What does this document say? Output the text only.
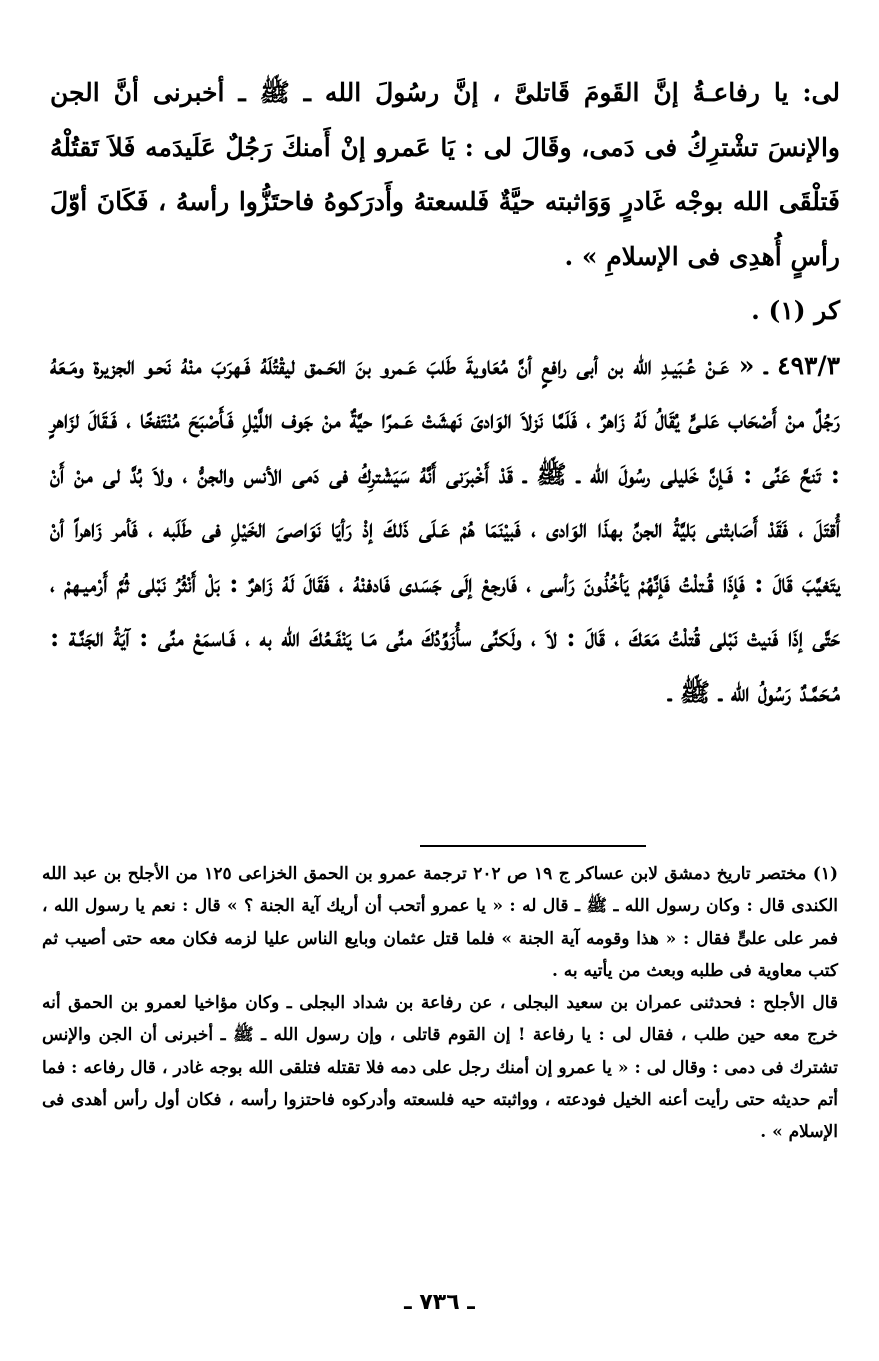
لى: يا رفاعـةُ إنَّ القَومَ قَاتلىَّ ، إنَّ رسُولَ الله ـ ﷺ ـ أخبرنى أنَّ الجن والإنسَ تشْترِكُ فى دَمى، وقَالَ لى : يَا عَمرو إنْ أَمنكَ رَجُلٌ عَلَيدَمه فَلاَ تَقتُلْهُ فَتلْقَى الله بوجْه غَادرٍ وَوَاثبته حيَّةٌ فَلسعتهُ وأَدرَكوهُ فاحتَزُّوا رأسهُ ، فَكَانَ أوّلَ رأسٍ أُهدِى فى الإسلامِ » .

كر (١) .

٤٩٣/٣ ـ « عَـنْ عُـبَيـدِ الله بن أبى رافعٍ أنَّ مُعَاويةَ طَلبَ عَـمرو بنَ الحَـمق ليقْتُلَهُ فَـهرَبَ منْهُ نَحـو الجزيرة ومَـعَهُ رَجُلٌ منْ أَصْحَاب عَلـىٍّ يُقَالُ لَهُ زَاهرٌ ، فَلَمَّا نَزلاَ الوَادىَ نَهشَتْ عَـمرًا حيَّةٌ منْ جَوف اللَّيْلِ فَـأَصْبَحَ مُنْتَفخًا ، فَـقَالَ لزَاهرٍ : تَنحَّ عَنِّى : فَـإنَّ خَليلى رسُولَ الله ـ ﷺ ـ قَدْ أَخْبرَنى أَنَّهُ سَيَشْترِكُ فى دَمى الأنس والجنُّ ، ولاَ بُدَّ لى منْ أَنْ أُقتَلَ ، فَقَدْ أَصَابتْنى بَليَّةُ الجنِّ بهذَا الوَادى ، فَبيْنَمَا هُمْ عَـلَى ذَلكَ إذْ رَأيَا نَوَاصىَ الخَيْلِ فى طَلَبه ، فَأمر زَاهراً أنْ يتَغيَّبَ قَالَ : فَإذَا قُـتلْتُ فَإنَّهُمْ يَأخُذُونَ رَأسى ، فَارجعْ إلَى جَسَدى فَادفنْهُ ، فَقَالَ لَهُ زَاهرٌ : بَلْ أَنْثُرُ نَبْلى ثُمَّ أَرْميـهمْ ، حَتَّى إذَا فَنيتْ نَبْلى قُتلْتُ مَعَكَ ، قَالَ : لاَ ، ولَكنِّى سأُزَوِّدُكَ منِّى مَـا يَنْفَـعُكَ الله به ، فَـاسمَعْ منِّى : آيَةُ الجَنَّـة : مُـحَمَّـدٌ رَسُولُ الله ـ ﷺ ـ

(١) مختصر تاريخ دمشق لابن عساكر ج ١٩ ص ٢٠٢ ترجمة عمرو بن الحمق الخزاعى ١٢٥ من الأجلح بن عبد الله الكندى قال : وكان رسول الله ـ ﷺ ـ قال له : « يا عمرو أتحب أن أريك آية الجنة ؟ » قال : نعم يا رسول الله ، فمر على علىٍّ فقال : « هذا وقومه آية الجنة » فلما قتل عثمان وبايع الناس عليا لزمه فكان معه حتى أصيب ثم كتب معاوية فى طلبه وبعث من يأتيه به .

قال الأجلح : فحدثنى عمران بن سعيد البجلى ، عن رفاعة بن شداد البجلى ـ وكان مؤاخيا لعمرو بن الحمق أنه خرج معه حين طلب ، فقال لى : يا رفاعة ! إن القوم قاتلى ، وإن رسول الله ـ ﷺ ـ أخبرنى أن الجن والإنس تشترك فى دمى : وقال لى : « يا عمرو إن أمنك رجل على دمه فلا تقتله فتلقى الله بوجه غادر ، قال رفاعه : فما أتم حديثه حتى رأيت أعنه الخيل فودعته ، وواثبته حيه فلسعته وأدركوه فاحتزوا رأسه ، فكان أول رأس أهدى فى الإسلام » .

ـ ٧٣٦ ـ
